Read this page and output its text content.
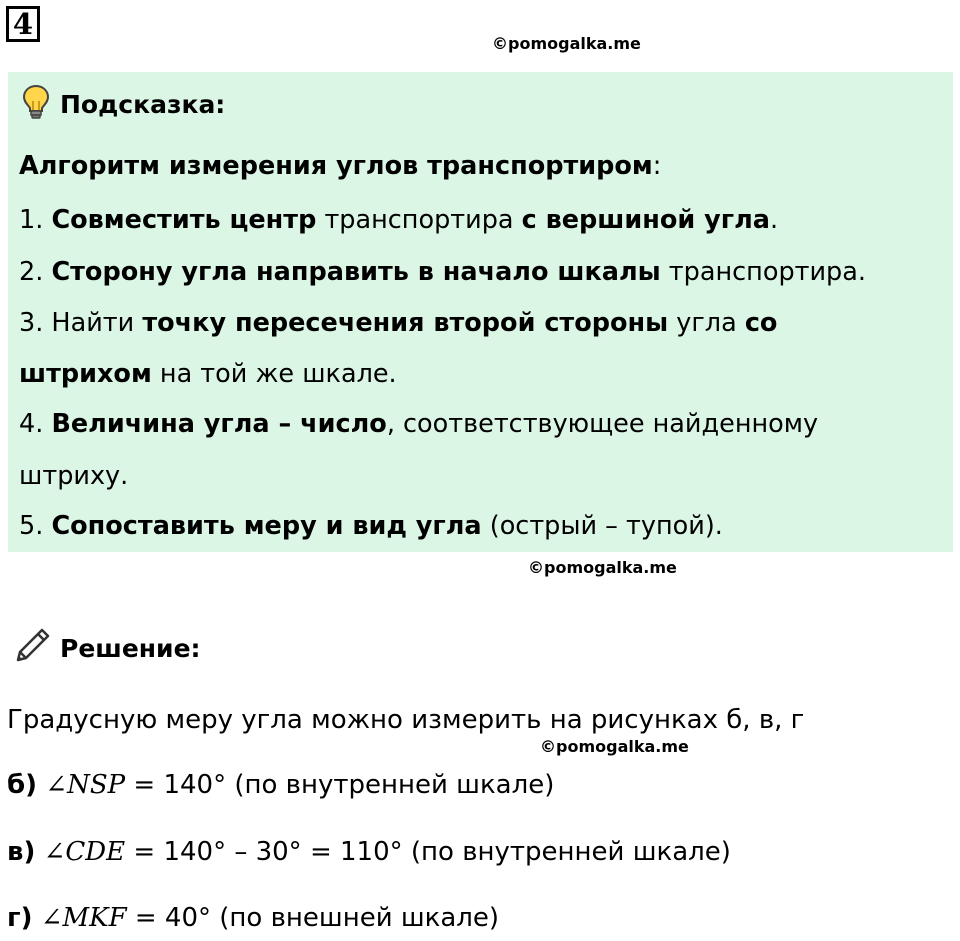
4
©pomogalka.me
Подсказка:
Алгоритм измерения углов транспортиром:
1. Совместить центр транспортира с вершиной угла.
2. Сторону угла направить в начало шкалы транспортира.
3. Найти точку пересечения второй стороны угла со
штрихом на той же шкале.
4. Величина угла – число, соответствующее найденному
штриху.
5. Сопоставить меру и вид угла (острый – тупой).
©pomogalka.me
Решение:
Градусную меру угла можно измерить на рисунках б, в, г
©pomogalka.me
б) ∠NSP = 140° (по внутренней шкале)
в) ∠CDE = 140° – 30° = 110° (по внутренней шкале)
г) ∠MKF = 40° (по внешней шкале)
